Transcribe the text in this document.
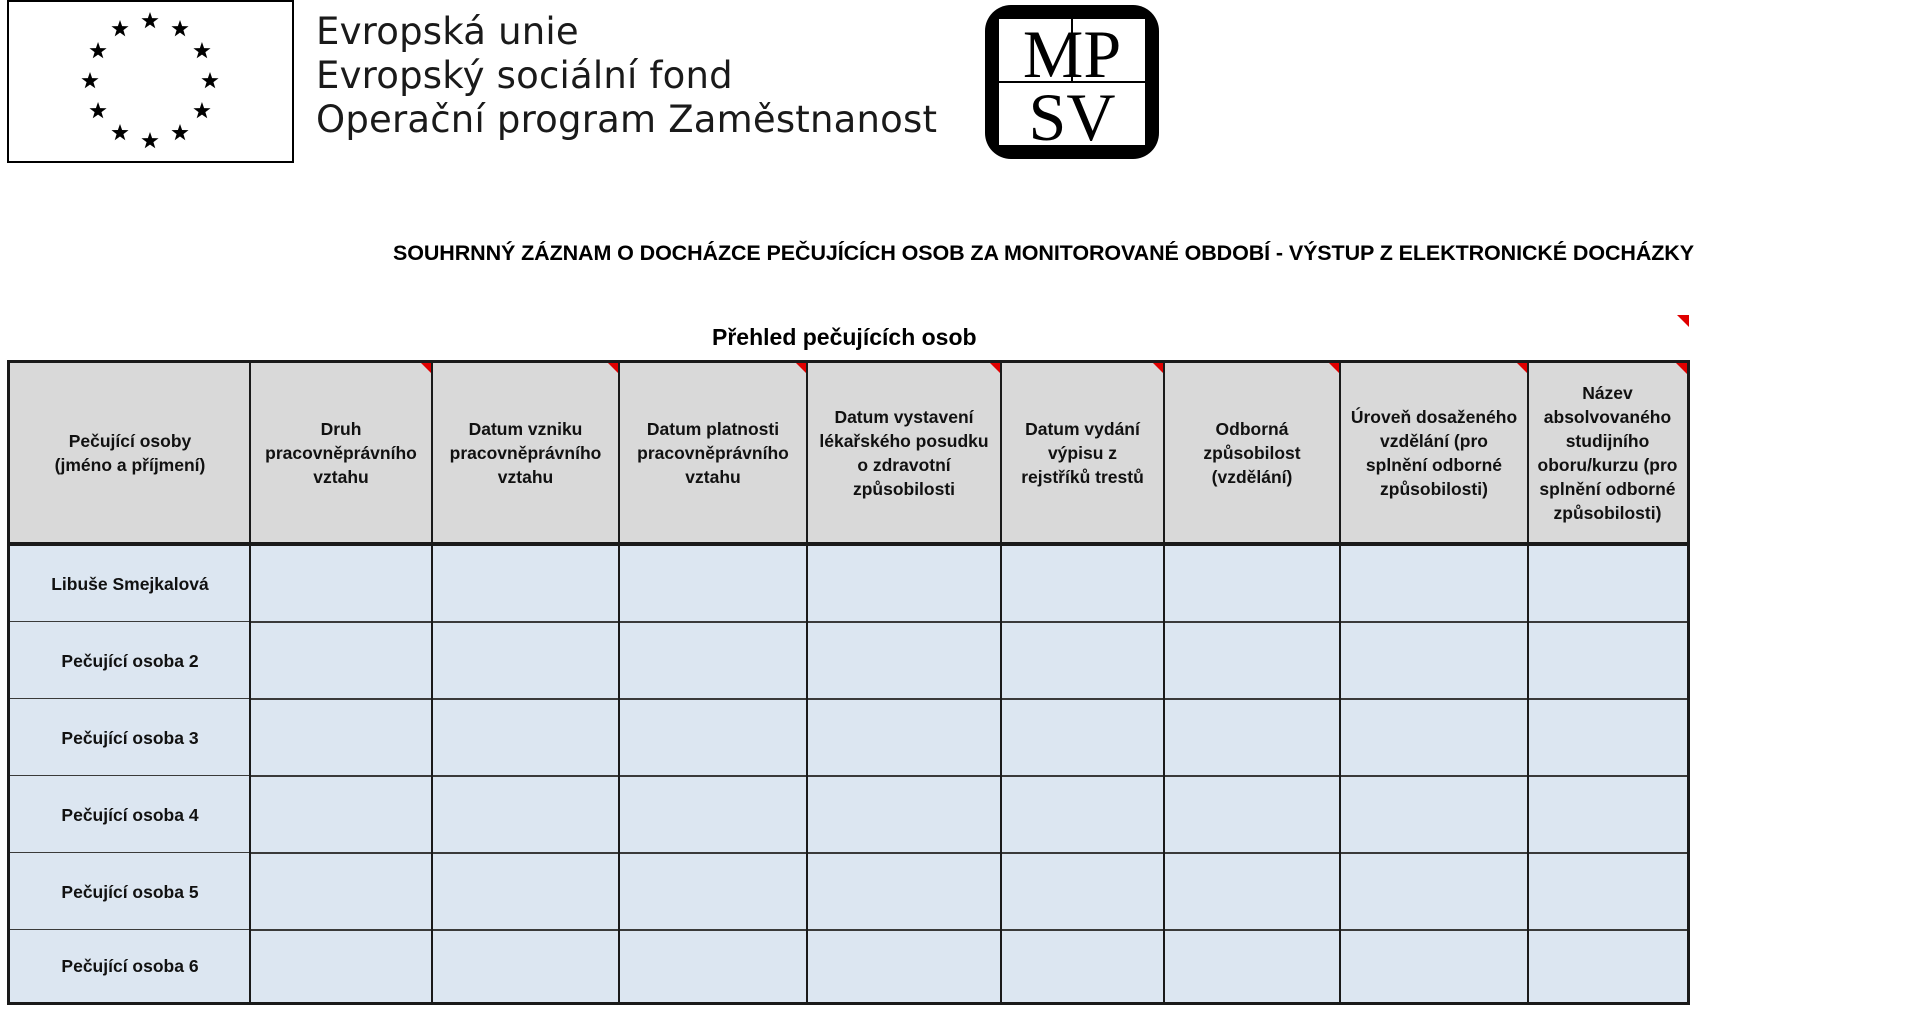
Evropská unie
Evropský sociální fond
Operační program Zaměstnanost
MP
SV
SOUHRNNÝ ZÁZNAM O DOCHÁZCE PEČUJÍCÍCH OSOB ZA MONITOROVANÉ OBDOBÍ - VÝSTUP Z ELEKTRONICKÉ DOCHÁZKY
Přehled pečujících osob
Pečující osoby
(jméno a příjmení)
Druh
pracovněprávního
vztahu
Datum vzniku
pracovněprávního
vztahu
Datum platnosti
pracovněprávního
vztahu
Datum vystavení
lékařského posudku
o zdravotní
způsobilosti
Datum vydání
výpisu z
rejstříků trestů
Odborná
způsobilost
(vzdělání)
Úroveň dosaženého
vzdělání (pro
splnění odborné
způsobilosti)
Název
absolvovaného
studijního
oboru/kurzu (pro
splnění odborné
způsobilosti)
Libuše Smejkalová
Pečující osoba 2
Pečující osoba 3
Pečující osoba 4
Pečující osoba 5
Pečující osoba 6
